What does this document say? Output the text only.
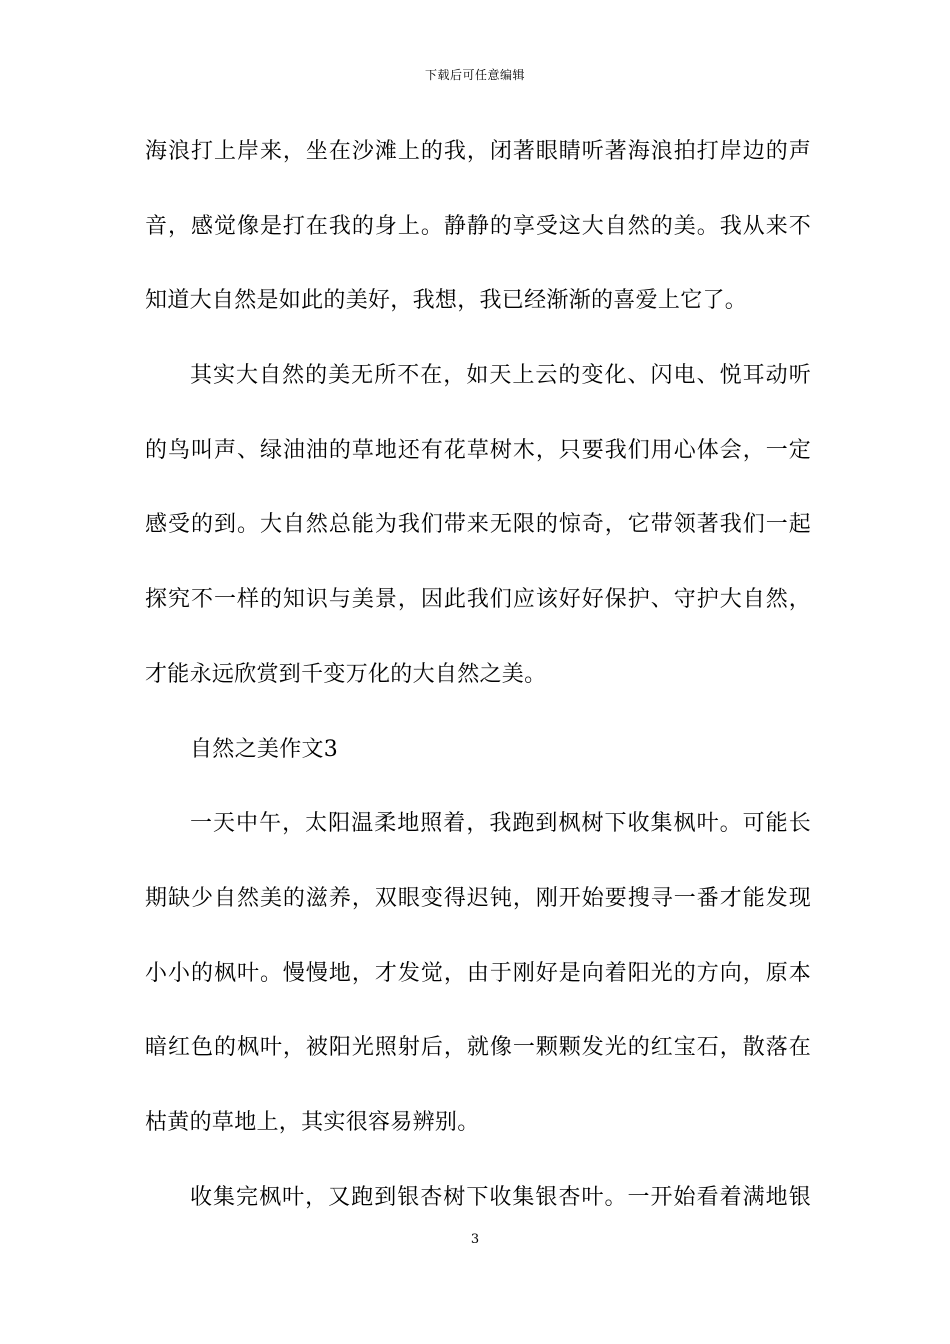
下载后可任意编辑
海浪打上岸来，坐在沙滩上的我，闭著眼睛听著海浪拍打岸边的声
音，感觉像是打在我的身上。静静的享受这大自然的美。我从来不
知道大自然是如此的美好，我想，我已经渐渐的喜爱上它了。
其实大自然的美无所不在，如天上云的变化、闪电、悦耳动听
的鸟叫声、绿油油的草地还有花草树木，只要我们用心体会，一定
感受的到。大自然总能为我们带来无限的惊奇，它带领著我们一起
探究不一样的知识与美景，因此我们应该好好保护、守护大自然，
才能永远欣赏到千变万化的大自然之美。
自然之美作文3
一天中午，太阳温柔地照着，我跑到枫树下收集枫叶。可能长
期缺少自然美的滋养，双眼变得迟钝，刚开始要搜寻一番才能发现
小小的枫叶。慢慢地，才发觉，由于刚好是向着阳光的方向，原本
暗红色的枫叶，被阳光照射后，就像一颗颗发光的红宝石，散落在
枯黄的草地上，其实很容易辨别。
收集完枫叶，又跑到银杏树下收集银杏叶。一开始看着满地银
3
